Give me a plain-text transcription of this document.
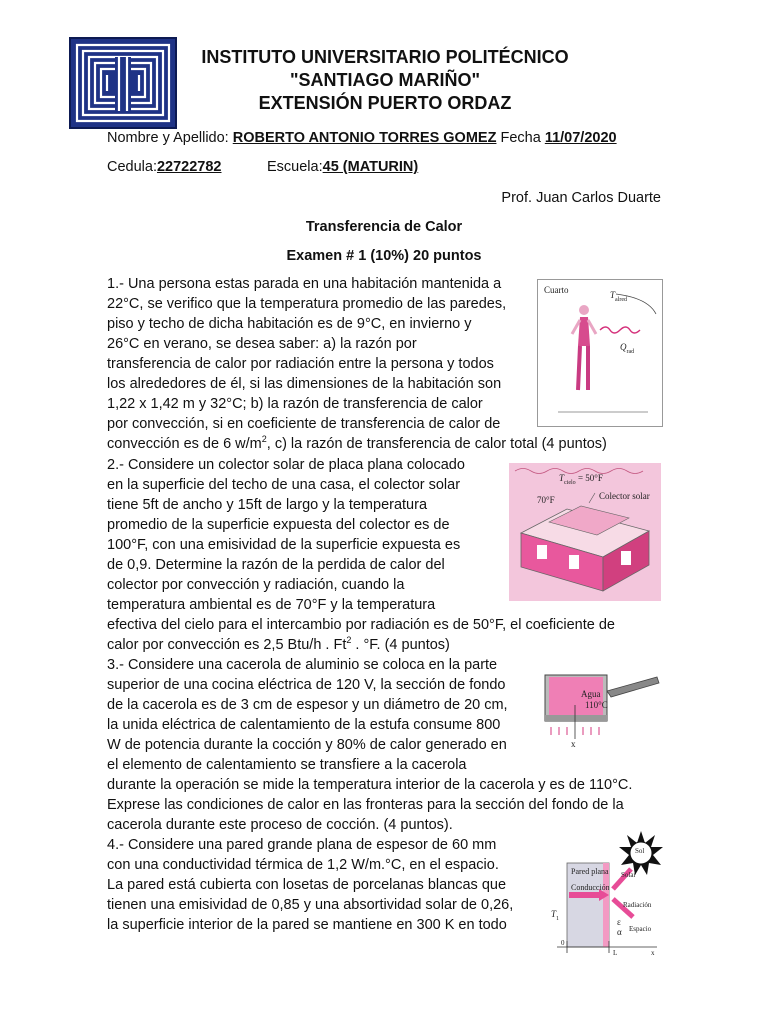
INSTITUTO UNIVERSITARIO POLITÉCNICO
"SANTIAGO MARIÑO"
EXTENSIÓN PUERTO ORDAZ
Nombre y Apellido: ROBERTO ANTONIO TORRES GOMEZ Fecha 11/07/2020
Cedula:22722782	Escuela:45 (MATURIN)
Prof. Juan Carlos Duarte
Transferencia de Calor
Examen # 1 (10%) 20 puntos

1.- Una persona estas parada en una habitación mantenida a

22°C, se verifico que la temperatura promedio de las paredes,

piso y techo de dicha habitación es de 9°C, en invierno y

26°C en verano, se desea saber: a) la razón por

transferencia de calor por radiación entre la persona y todos

los alrededores de él, si las dimensiones de la habitación son

1,22 x 1,42 m y 32°C; b) la razón de transferencia de calor

por convección, si en coeficiente de transferencia de calor de

convección es de 6 $w/m^2$, c) la razón de transferencia de calor total (4 puntos)
Cuarto	$T_{alred}$
$Q_{rad}$

2.- Considere un colector solar de placa plana colocado

en la superficie del techo de una casa, el colector solar

tiene 5ft de ancho y 15ft de largo y la temperatura

promedio de la superficie expuesta del colector es de

100°F, con una emisividad de la superficie expuesta es

de 0,9. Determine la razón de la perdida de calor del

colector por convección y radiación, cuando la

temperatura ambiental es de 70°F y la temperatura

efectiva del cielo para el intercambio por radiación es de 50°F, el coeficiente de

calor por convección es 2,5 Btu/h . Ft$^2$ . °F. (4 puntos)

$T_{cielo} = 50^\circ F$
70°F	Colector solar

3.- Considere una cacerola de aluminio se coloca en la parte

superior de una cocina eléctrica de 120 V, la sección de fondo

de la cacerola es de 3 cm de espesor y un diámetro de 20 cm,

la unida eléctrica de calentamiento de la estufa consume 800

W de potencia durante la cocción y 80% de calor generado en

el elemento de calentamiento se transfiere a la cacerola

durante la operación se mide la temperatura interior de la cacerola y es de 110°C.

Exprese las condiciones de calor en las fronteras para la sección del fondo de la

cacerola durante este proceso de cocción. (4 puntos).

Agua
110°C
x

4.- Considere una pared grande plana de espesor de 60 mm

con una conductividad térmica de 1,2 W/m.°C, en el espacio.

La pared está cubierta con losetas de porcelanas blancas que

tienen una emisividad de 0,85 y una absortividad solar de 0,26,

la superficie interior de la pared se mantiene en 300 K en todo

Sol
Pared plana
Conducción
Solar
Radiación
$T_1$	ε
α Espacio
0
L	x
